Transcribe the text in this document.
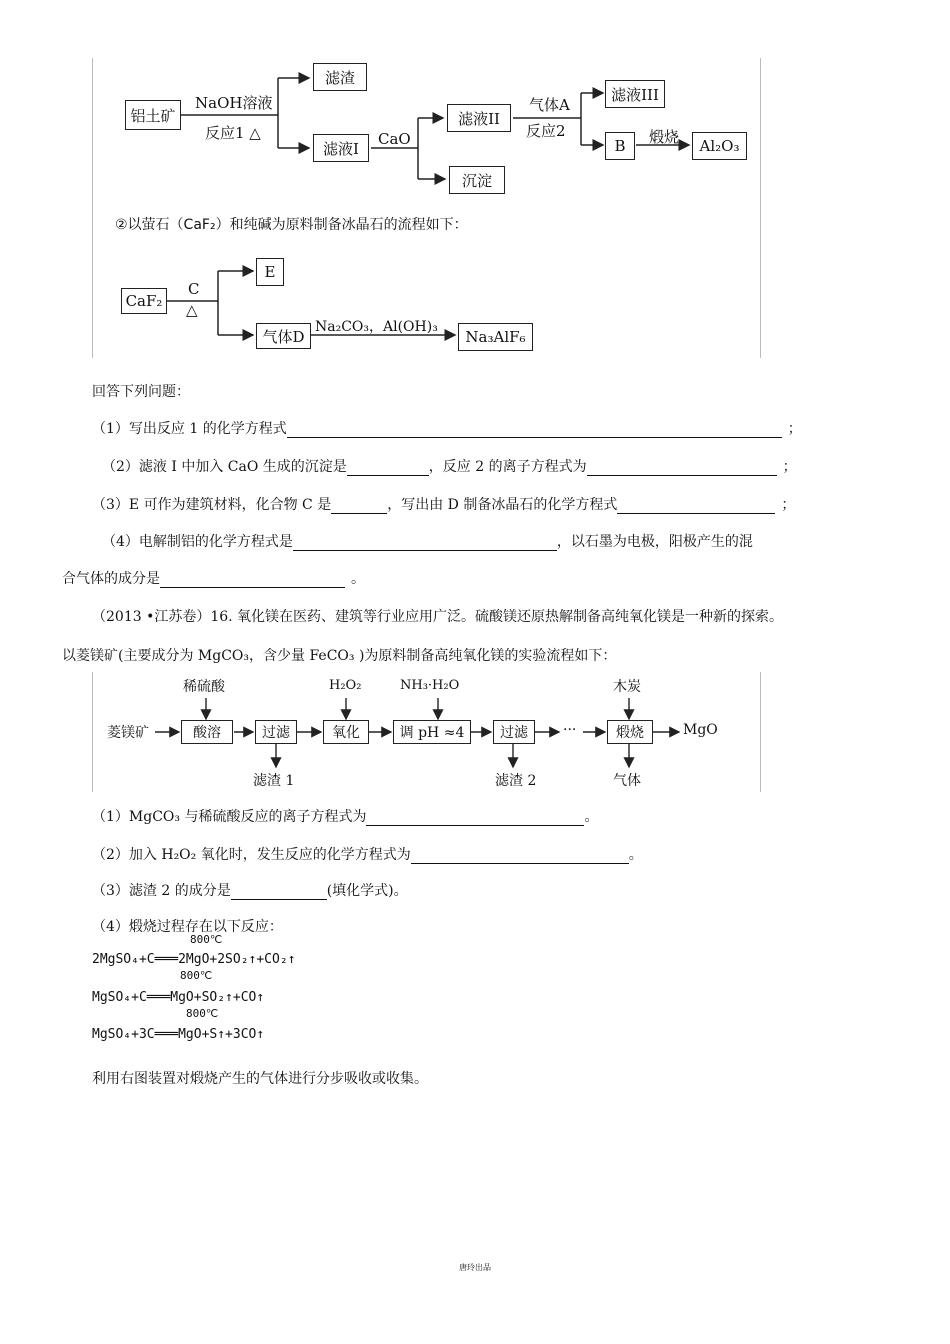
铝土矿
NaOH溶液
反应1 △
滤渣
滤液I
CaO
滤液II
气体A
反应2
滤液III
B 煅烧 Al₂O₃
沉淀
②以萤石（CaF₂）和纯碱为原料制备冰晶石的流程如下：
CaF₂
C
△
E
气体D
Na₂CO₃，Al(OH)₃
Na₃AlF₆
回答下列问题：
（1）写出反应 1 的化学方程式	；
（2）滤液 I 中加入 CaO 生成的沉淀是	，反应 2 的离子方程式为	；
（3）E 可作为建筑材料，化合物 C 是	，写出由 D 制备冰晶石的化学方程式	；
（4）电解制铝的化学方程式是	，以石墨为电极，阳极产生的混
合气体的成分是	。
（2013 •江苏卷）16. 氧化镁在医药、建筑等行业应用广泛。硫酸镁还原热解制备高纯氧化镁是一种新的探索。
以菱镁矿(主要成分为 MgCO₃，含少量 FeCO₃ )为原料制备高纯氧化镁的实验流程如下：
稀硫酸	H₂O₂	NH₃·H₂O	木炭
菱镁矿	酸溶	过滤	氧化	调 pH ≈4	过滤	···	煅烧	MgO
滤渣 1	滤渣 2	气体
（1）MgCO₃ 与稀硫酸反应的离子方程式为	。
（2）加入 H₂O₂ 氧化时，发生反应的化学方程式为	。
（3）滤渣 2 的成分是	(填化学式)。
（4）煅烧过程存在以下反应：
800℃
2MgSO₄+C═══2MgO+2SO₂↑+CO₂↑
800℃
MgSO₄+C═══MgO+SO₂↑+CO↑
800℃
MgSO₄+3C═══MgO+S↑+3CO↑
利用右图装置对煅烧产生的气体进行分步吸收或收集。
唐玲出品
